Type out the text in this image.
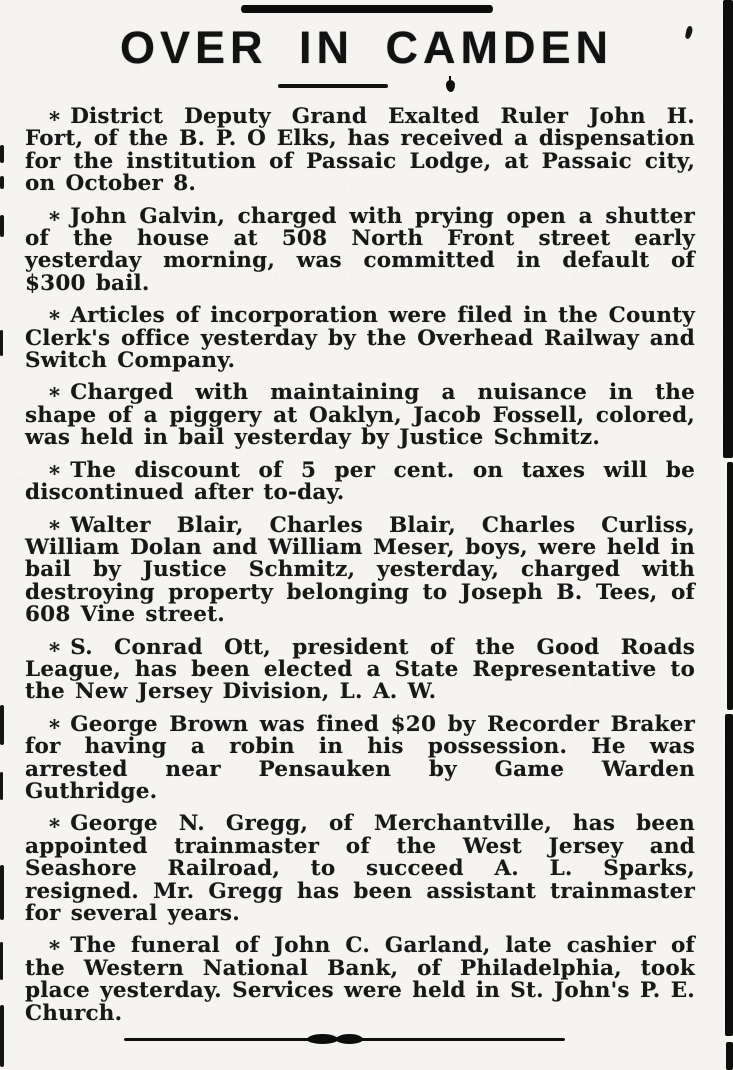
OVER IN CAMDEN

* District Deputy Grand Exalted Ruler John H. Fort, of the B. P. O Elks, has received a dispensation for the institution of Passaic Lodge, at Passaic city, on October 8.

* John Galvin, charged with prying open a shutter of the house at 508 North Front street early yesterday morning, was committed in default of $300 bail.

* Articles of incorporation were filed in the County Clerk's office yesterday by the Overhead Railway and Switch Company.

* Charged with maintaining a nuisance in the shape of a piggery at Oaklyn, Jacob Fossell, colored, was held in bail yesterday by Justice Schmitz.

* The discount of 5 per cent. on taxes will be discontinued after to-day.

* Walter Blair, Charles Blair, Charles Curliss, William Dolan and William Meser, boys, were held in bail by Justice Schmitz, yesterday, charged with destroying property belonging to Joseph B. Tees, of 608 Vine street.

* S. Conrad Ott, president of the Good Roads League, has been elected a State Representative to the New Jersey Division, L. A. W.

* George Brown was fined $20 by Recorder Braker for having a robin in his possession. He was arrested near Pensauken by Game Warden Guthridge.

* George N. Gregg, of Merchantville, has been appointed trainmaster of the West Jersey and Seashore Railroad, to succeed A. L. Sparks, resigned. Mr. Gregg has been assistant trainmaster for several years.

* The funeral of John C. Garland, late cashier of the Western National Bank, of Philadelphia, took place yesterday. Services were held in St. John's P. E. Church.
